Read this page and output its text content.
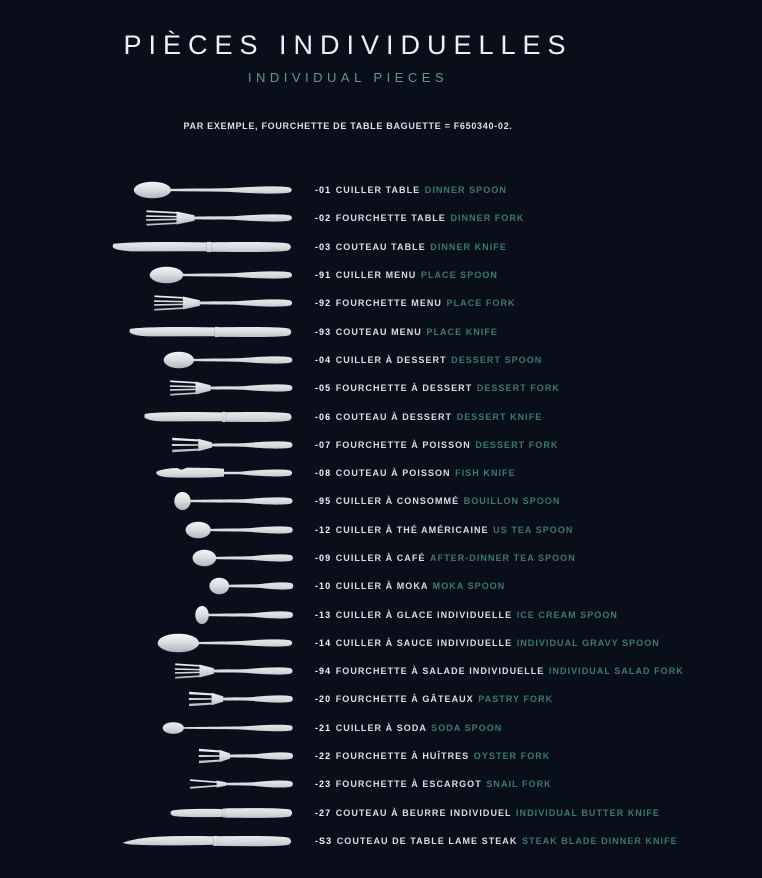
PIÈCES INDIVIDUELLES
INDIVIDUAL PIECES

PAR EXEMPLE, FOURCHETTE DE TABLE BAGUETTE = F650340-02.

-01 CUILLER TABLE DINNER SPOON

-02 FOURCHETTE TABLE DINNER FORK

-03 COUTEAU TABLE DINNER KNIFE

-91 CUILLER MENU PLACE SPOON

-92 FOURCHETTE MENU PLACE FORK

-93 COUTEAU MENU PLACE KNIFE

-04 CUILLER À DESSERT DESSERT SPOON

-05 FOURCHETTE À DESSERT DESSERT FORK

-06 COUTEAU À DESSERT DESSERT KNIFE

-07 FOURCHETTE À POISSON DESSERT FORK

-08 COUTEAU À POISSON FISH KNIFE

-95 CUILLER À CONSOMMÉ BOUILLON SPOON

-12 CUILLER À THÉ AMÉRICAINE US TEA SPOON

-09 CUILLER À CAFÉ AFTER-DINNER TEA SPOON

-10 CUILLER À MOKA MOKA SPOON

-13 CUILLER À GLACE INDIVIDUELLE ICE CREAM SPOON

-14 CUILLER À SAUCE INDIVIDUELLE INDIVIDUAL GRAVY SPOON

-94 FOURCHETTE À SALADE INDIVIDUELLE INDIVIDUAL SALAD FORK

-20 FOURCHETTE À GÂTEAUX PASTRY FORK

-21 CUILLER À SODA SODA SPOON

-22 FOURCHETTE À HUÎTRES OYSTER FORK

-23 FOURCHETTE À ESCARGOT SNAIL FORK

-27 COUTEAU À BEURRE INDIVIDUEL INDIVIDUAL BUTTER KNIFE

-S3 COUTEAU DE TABLE LAME STEAK STEAK BLADE DINNER KNIFE
